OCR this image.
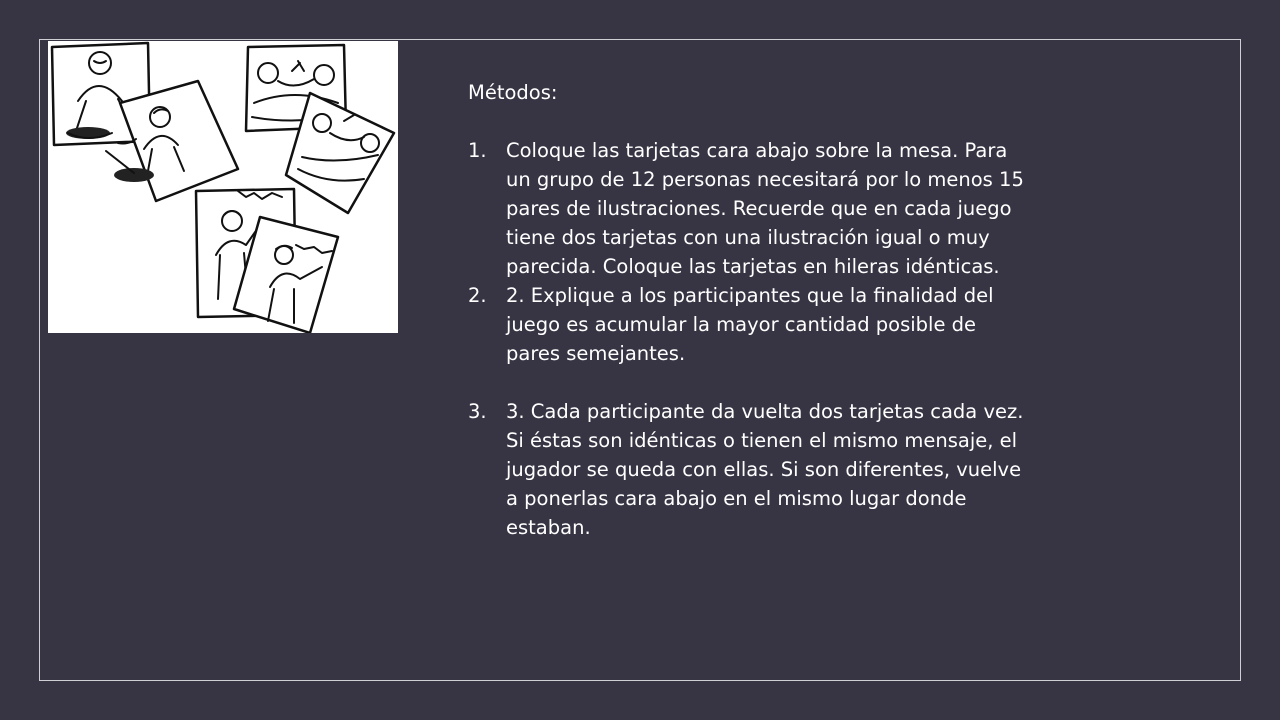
Métodos:

1. Coloque las tarjetas cara abajo sobre la mesa. Para un grupo de 12 personas necesitará por lo menos 15 pares de ilustraciones. Recuerde que en cada juego tiene dos tarjetas con una ilustración igual o muy parecida. Coloque las tarjetas en hileras idénticas.
2. 2. Explique a los participantes que la finalidad del juego es acumular la mayor cantidad posible de pares semejantes.
3. 3. Cada participante da vuelta dos tarjetas cada vez. Si éstas son idénticas o tienen el mismo mensaje, el jugador se queda con ellas. Si son diferentes, vuelve a ponerlas cara abajo en el mismo lugar donde estaban.
